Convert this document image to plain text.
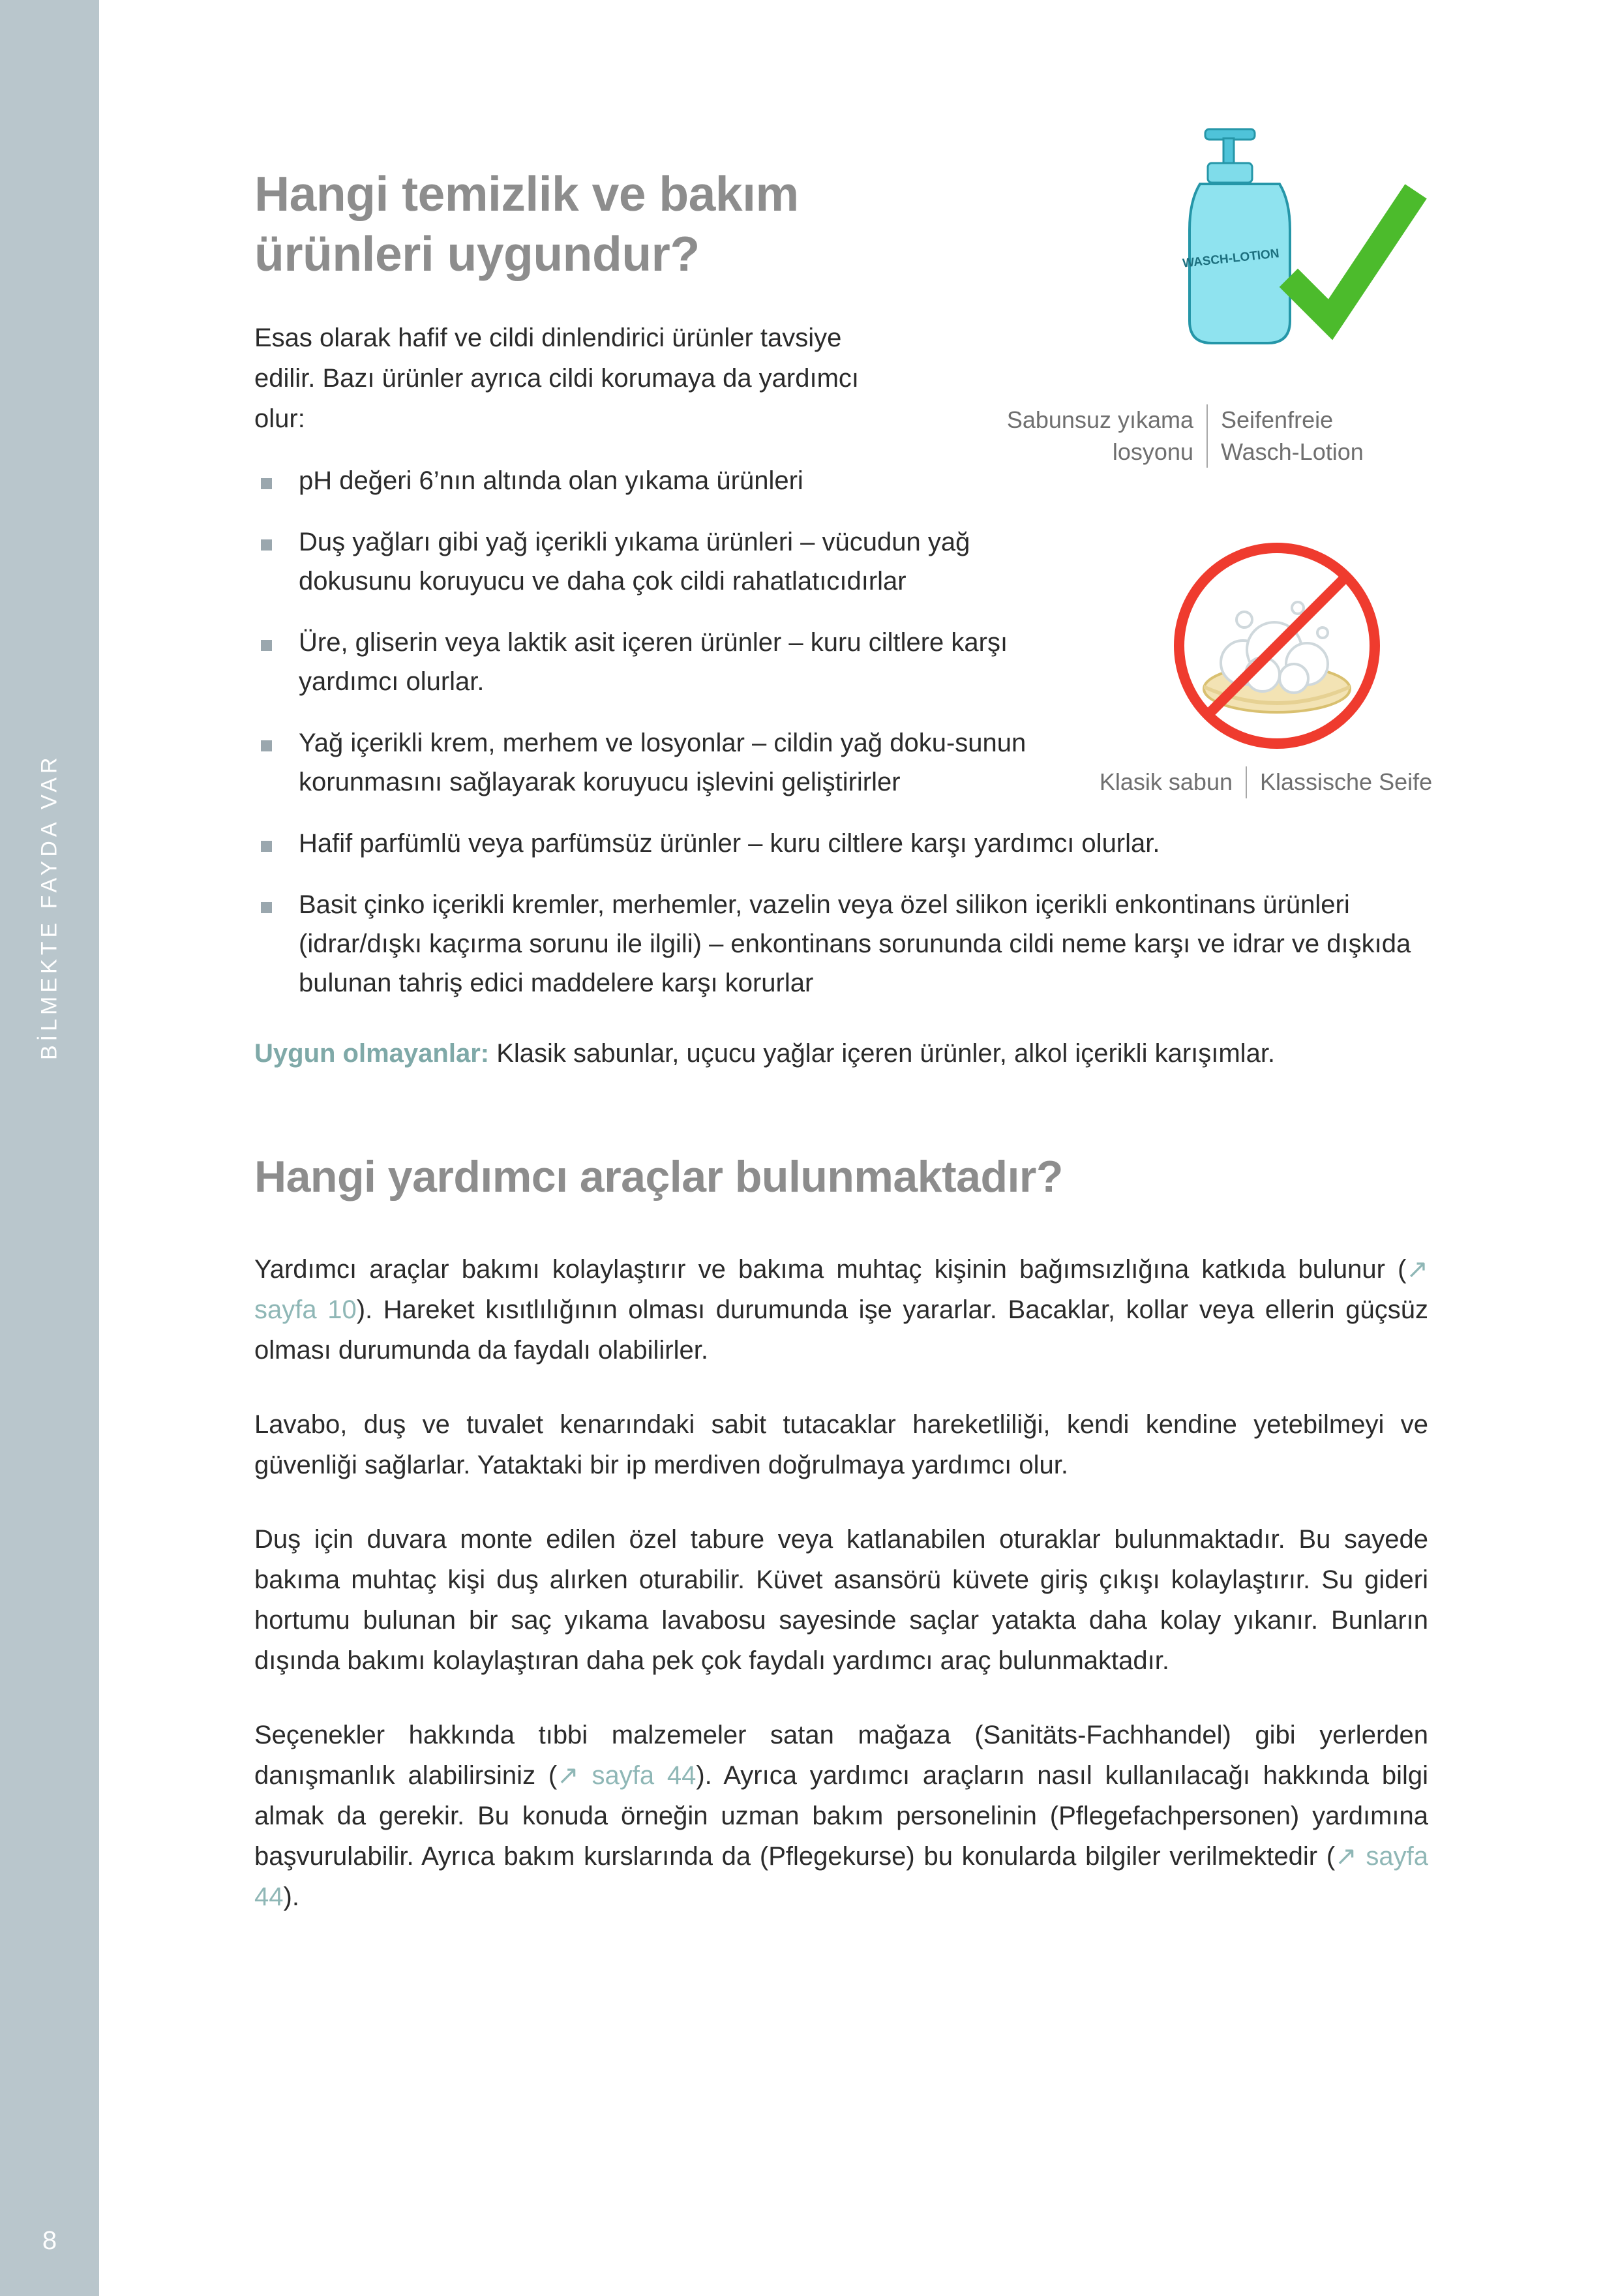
BİLMEKTE FAYDA VAR
8
WASCH-LOTION
Sabunsuz yıkama losyonu
Seifenfreie Wasch-Lotion
Klasik sabun	Klassische Seife
Hangi temizlik ve bakım ürünleri uygundur?
Esas olarak hafif ve cildi dinlendirici ürünler tavsiye edilir. Bazı ürünler ayrıca cildi korumaya da yardımcı olur:
pH değeri 6’nın altında olan yıkama ürünleri
Duş yağları gibi yağ içerikli yıkama ürünleri – vücudun yağ dokusunu koruyucu ve daha çok cildi rahatlatıcıdırlar
Üre, gliserin veya laktik asit içeren ürünler – kuru ciltlere karşı yardımcı olurlar.
Yağ içerikli krem, merhem ve losyonlar – cildin yağ doku-sunun korunmasını sağlayarak koruyucu işlevini geliştirirler
Hafif parfümlü veya parfümsüz ürünler – kuru ciltlere karşı yardımcı olurlar.
Basit çinko içerikli kremler, merhemler, vazelin veya özel silikon içerikli enkontinans ürünleri (idrar/dışkı kaçırma sorunu ile ilgili) – enkontinans sorununda cildi neme karşı ve idrar ve dışkıda bulunan tahriş edici maddelere karşı korurlar
Uygun olmayanlar: Klasik sabunlar, uçucu yağlar içeren ürünler, alkol içerikli karışımlar.
Hangi yardımcı araçlar bulunmaktadır?

Yardımcı araçlar bakımı kolaylaştırır ve bakıma muhtaç kişinin bağımsızlığına katkıda bulunur (↗ sayfa 10). Hareket kısıtlılığının olması durumunda işe yararlar. Bacaklar, kollar veya ellerin güçsüz olması durumunda da faydalı olabilirler.

Lavabo, duş ve tuvalet kenarındaki sabit tutacaklar hareketliliği, kendi kendine yetebilmeyi ve güvenliği sağlarlar. Yataktaki bir ip merdiven doğrulmaya yardımcı olur.

Duş için duvara monte edilen özel tabure veya katlanabilen oturaklar bulunmaktadır. Bu sayede bakıma muhtaç kişi duş alırken oturabilir. Küvet asansörü küvete giriş çıkışı kolaylaştırır. Su gideri hortumu bulunan bir saç yıkama lavabosu sayesinde saçlar yatakta daha kolay yıkanır. Bunların dışında bakımı kolaylaştıran daha pek çok faydalı yardımcı araç bulunmaktadır.

Seçenekler hakkında tıbbi malzemeler satan mağaza (Sanitäts-Fachhandel) gibi yerlerden danışmanlık alabilirsiniz (↗ sayfa 44). Ayrıca yardımcı araçların nasıl kullanılacağı hakkında bilgi almak da gerekir. Bu konuda örneğin uzman bakım personelinin (Pflegefachpersonen) yardımına başvurulabilir. Ayrıca bakım kurslarında da (Pflegekurse) bu konularda bilgiler verilmektedir (↗ sayfa 44).
